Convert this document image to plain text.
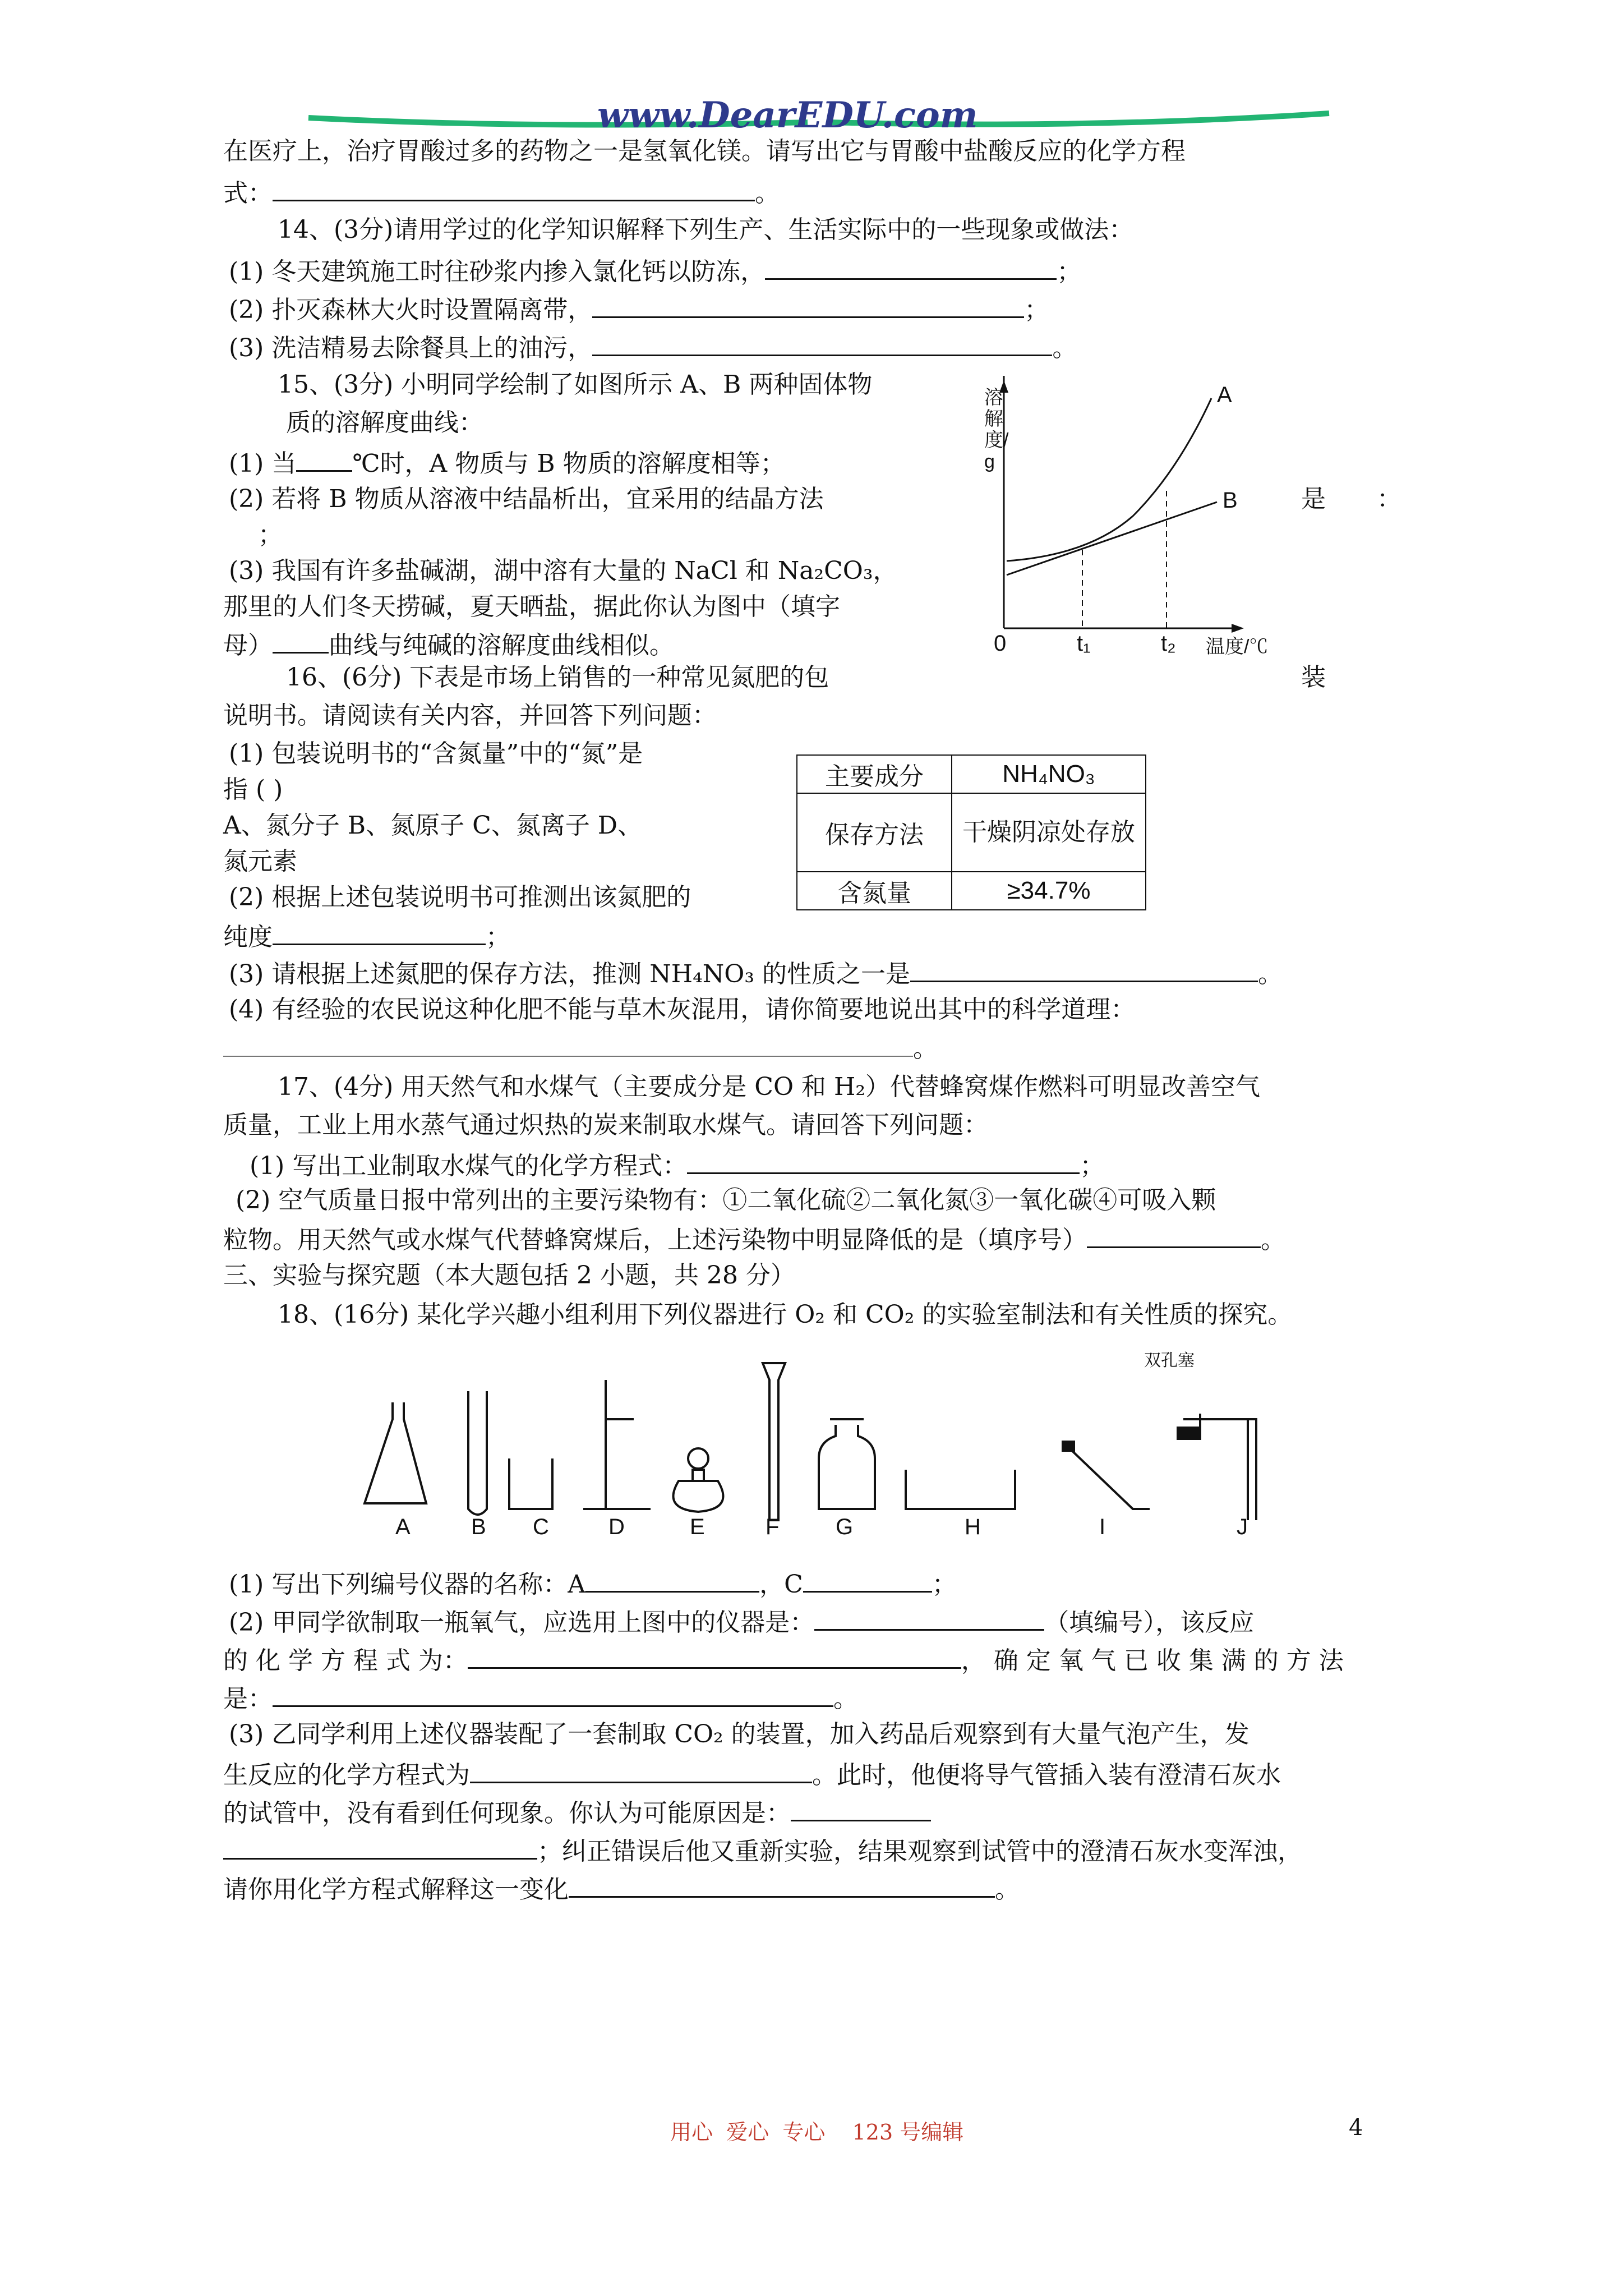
www.DearEDU.com
在医疗上，治疗胃酸过多的药物之一是氢氧化镁。请写出它与胃酸中盐酸反应的化学方程
式：	。
14、(3分)请用学过的化学知识解释下列生产、生活实际中的一些现象或做法：
(1) 冬天建筑施工时往砂浆内掺入氯化钙以防冻，	；
(2) 扑灭森林大火时设置隔离带，	；
(3) 洗洁精易去除餐具上的油污，	。
15、(3分) 小明同学绘制了如图所示 A、B 两种固体物
质的溶解度曲线：
(1) 当 ℃时，A 物质与 B 物质的溶解度相等；
(2) 若将 B 物质从溶液中结晶析出，宜采用的结晶方法	是 ：
；
(3) 我国有许多盐碱湖，湖中溶有大量的 NaCl 和 Na₂CO₃，
那里的人们冬天捞碱，夏天晒盐，据此你认为图中（填字
母） 曲线与纯碱的溶解度曲线相似。
溶解度/g
A
B
0	t₁	t₂ 温度/℃
16、(6分) 下表是市场上销售的一种常见氮肥的包	装
说明书。请阅读有关内容，并回答下列问题：
(1) 包装说明书的“含氮量”中的“氮”是
指 ( )
A、氮分子 B、氮原子 C、氮离子 D、
氮元素
(2) 根据上述包装说明书可推测出该氮肥的
纯度	；
主要成分	NH₄NO₃
保存方法	干燥阴凉处存放
含氮量	≥34.7%
(3) 请根据上述氮肥的保存方法，推测 NH₄NO₃ 的性质之一是	。
(4) 有经验的农民说这种化肥不能与草木灰混用，请你简要地说出其中的科学道理：
。
17、(4分) 用天然气和水煤气（主要成分是 CO 和 H₂）代替蜂窝煤作燃料可明显改善空气
质量，工业上用水蒸气通过炽热的炭来制取水煤气。请回答下列问题：
(1) 写出工业制取水煤气的化学方程式：	；
(2) 空气质量日报中常列出的主要污染物有：①二氧化硫②二氧化氮③一氧化碳④可吸入颗
粒物。用天然气或水煤气代替蜂窝煤后，上述污染物中明显降低的是（填序号）	。
三、实验与探究题（本大题包括 2 小题，共 28 分）
18、(16分) 某化学兴趣小组利用下列仪器进行 O₂ 和 CO₂ 的实验室制法和有关性质的探究。
双孔塞
A	B C	D	E	F	G	H	I	J
(1) 写出下列编号仪器的名称：A	，C	；
(2) 甲同学欲制取一瓶氧气，应选用上图中的仪器是：	（填编号），该反应
的 化 学 方 程 式 为：	， 确 定 氧 气 已 收 集 满 的 方 法
是：	。
(3) 乙同学利用上述仪器装配了一套制取 CO₂ 的装置，加入药品后观察到有大量气泡产生，发
生反应的化学方程式为	。此时，他便将导气管插入装有澄清石灰水
的试管中，没有看到任何现象。你认为可能原因是：
；纠正错误后他又重新实验，结果观察到试管中的澄清石灰水变浑浊，
请你用化学方程式解释这一变化	。
用心  爱心  专心    123 号编辑	4
